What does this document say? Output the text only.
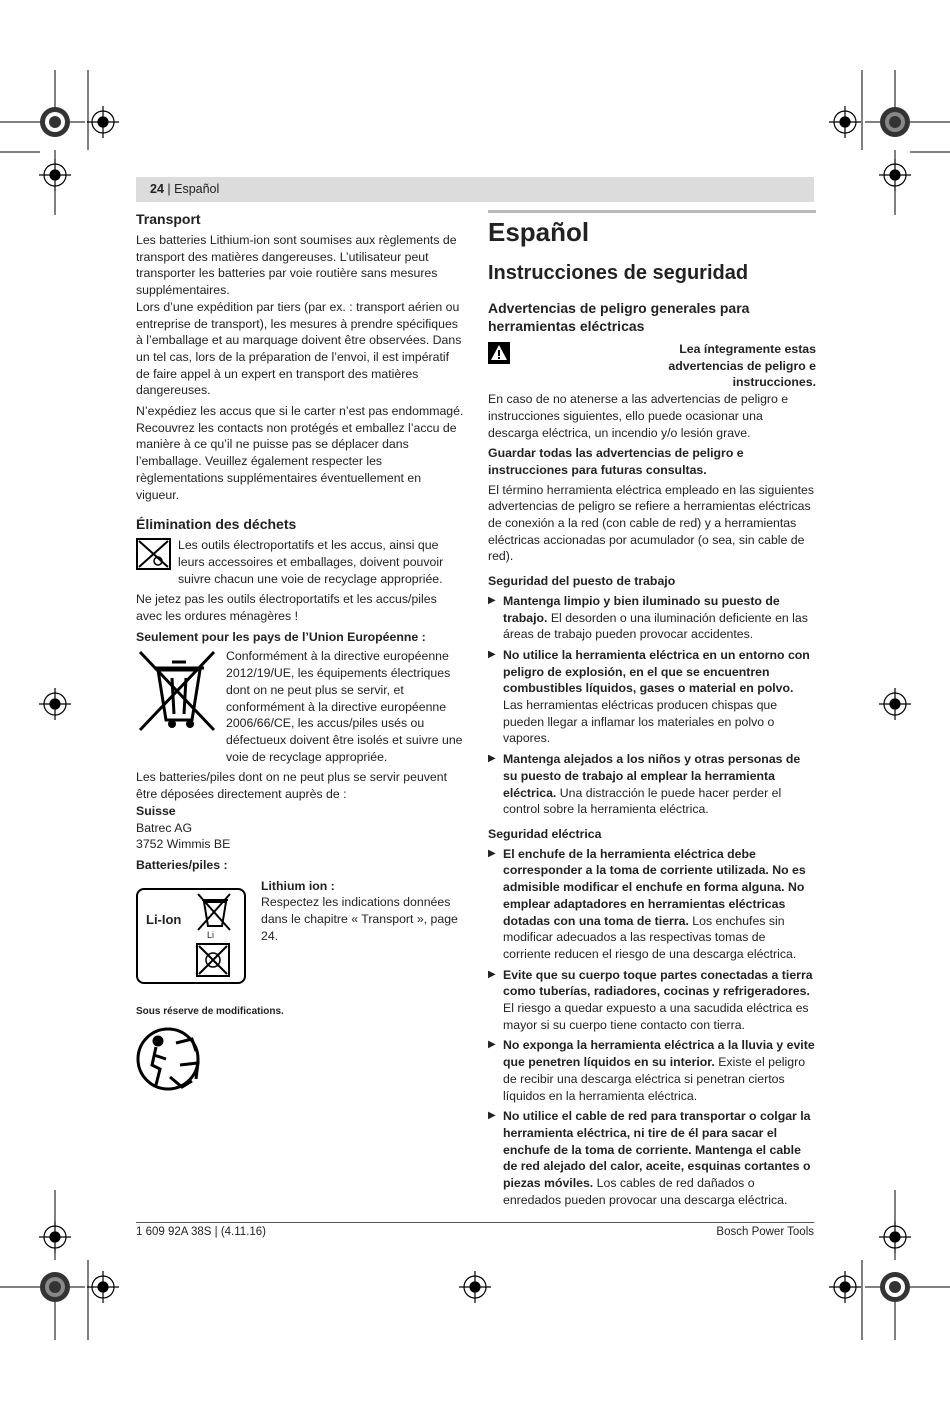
24 | Español

Transport

Les batteries Lithium-ion sont soumises aux règlements de transport des matières dangereuses. L’utilisateur peut transporter les batteries par voie routière sans mesures supplémentaires.

Lors d’une expédition par tiers (par ex. : transport aérien ou entreprise de transport), les mesures à prendre spécifiques à l’emballage et au marquage doivent être observées. Dans un tel cas, lors de la préparation de l’envoi, il est impératif de faire appel à un expert en transport des matières dangereuses.

N’expédiez les accus que si le carter n’est pas endommagé. Recouvrez les contacts non protégés et emballez l’accu de manière à ce qu’il ne puisse pas se déplacer dans l’emballage. Veuillez également respecter les règlementations supplémentaires éventuellement en vigueur.

Élimination des déchets

Les outils électroportatifs et les accus, ainsi que leurs accessoires et emballages, doivent pouvoir suivre chacun une voie de recyclage appropriée.

Ne jetez pas les outils électroportatifs et les accus/piles avec les ordures ménagères !

Seulement pour les pays de l’Union Européenne :

Conformément à la directive européenne 2012/19/UE, les équipements électriques dont on ne peut plus se servir, et conformément à la directive européenne 2006/66/CE, les accus/piles usés ou défectueux doivent être isolés et suivre une voie de recyclage appropriée.

Les batteries/piles dont on ne peut plus se servir peuvent être déposées directement auprès de :

Suisse

Batrec AG

3752 Wimmis BE

Batteries/piles :

Li-Ion
Li

Lithium ion :

Respectez les indications données dans le chapitre « Transport », page 24.

Sous réserve de modifications.

Español

Instrucciones de seguridad

Advertencias de peligro generales para herramientas eléctricas

Lea íntegramente estas advertencias de peligro e instrucciones.

En caso de no atenerse a las advertencias de peligro e instrucciones siguientes, ello puede ocasionar una descarga eléctrica, un incendio y/o lesión grave.

Guardar todas las advertencias de peligro e instrucciones para futuras consultas.

El término herramienta eléctrica empleado en las siguientes advertencias de peligro se refiere a herramientas eléctricas de conexión a la red (con cable de red) y a herramientas eléctricas accionadas por acumulador (o sea, sin cable de red).

Seguridad del puesto de trabajo

▶ Mantenga limpio y bien iluminado su puesto de trabajo. El desorden o una iluminación deficiente en las áreas de trabajo pueden provocar accidentes.

▶ No utilice la herramienta eléctrica en un entorno con peligro de explosión, en el que se encuentren combustibles líquidos, gases o material en polvo. Las herramientas eléctricas producen chispas que pueden llegar a inflamar los materiales en polvo o vapores.

▶ Mantenga alejados a los niños y otras personas de su puesto de trabajo al emplear la herramienta eléctrica. Una distracción le puede hacer perder el control sobre la herramienta eléctrica.

Seguridad eléctrica

▶ El enchufe de la herramienta eléctrica debe corresponder a la toma de corriente utilizada. No es admisible modificar el enchufe en forma alguna. No emplear adaptadores en herramientas eléctricas dotadas con una toma de tierra. Los enchufes sin modificar adecuados a las respectivas tomas de corriente reducen el riesgo de una descarga eléctrica.

▶ Evite que su cuerpo toque partes conectadas a tierra como tuberías, radiadores, cocinas y refrigeradores. El riesgo a quedar expuesto a una sacudida eléctrica es mayor si su cuerpo tiene contacto con tierra.

▶ No exponga la herramienta eléctrica a la lluvia y evite que penetren líquidos en su interior. Existe el peligro de recibir una descarga eléctrica si penetran ciertos líquidos en la herramienta eléctrica.

▶ No utilice el cable de red para transportar o colgar la herramienta eléctrica, ni tire de él para sacar el enchufe de la toma de corriente. Mantenga el cable de red alejado del calor, aceite, esquinas cortantes o piezas móviles. Los cables de red dañados o enredados pueden provocar una descarga eléctrica.

1 609 92A 38S | (4.11.16)	Bosch Power Tools
